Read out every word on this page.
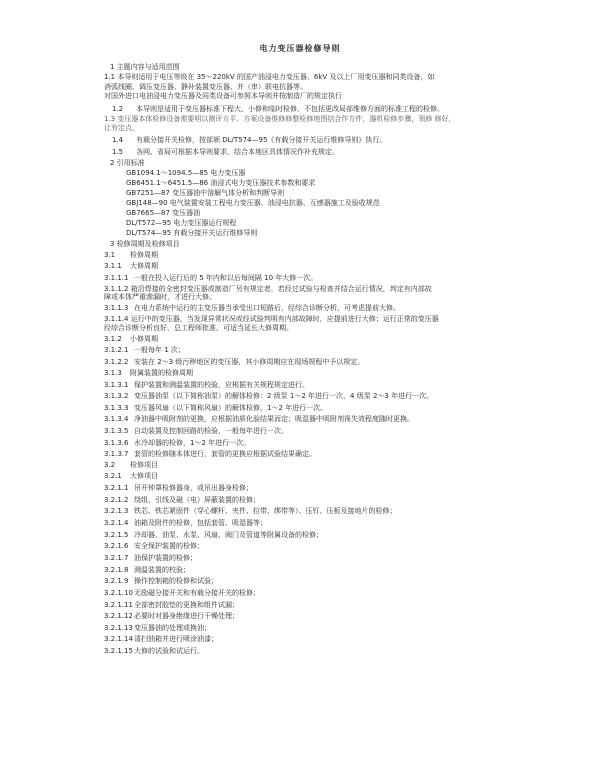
电力变压器检修导则

1 主题内容与适用范围

1.1 本导则适用于电压等级在 35～220kV 的国产油浸电力变压器、6kV 及以上厂用变压器和同类设备，如

消弧线圈、调压变压器、静补装置变压器、并（串）联电抗器等。

对国外进口电油浸电力变压器及同类设备可参照本导则并按制造厂的规定执行

1.2 本导则是适用于变压器标准下程大、小修和临时检修，不包括更改局部维修方面的标准工程的检修。

1.3 变压器本体检修设备需要明以测评方平、方案设备维修修整检修地图结合作方件，器机检修步骤，领修 修好，

让有定点。

1.4 有载分接开关检修，按部颁 DL/T574—95《有载分接开关运行维修导则》执行。

1.5 各网、省局可根据本导则要求，结合本地区具体情况作补充规定。

2 引用标准

GB1094.1～1094.5—85 电力变压器

GB6451.1～6451.5—86 油浸式电力变压器技术参数和要求

GB7251—87 变压器油中溶解气体分析和判断导则

GBJ148—90 电气装置安装工程电力变压器、油浸电抗器、互感器施工及验收规范

GB7665—87 变压器油

DL/T572—95 电力变压器运行规程

DL/T574—95 有载分接开关运行维修导则

3 检修周期及检修项目

3.1 检修周期

3.1.1 大修周期

3.1.1.1 一般在投入运行后的 5 年内和以后每间隔 10 年大修一次。

3.1.1.2 箱沿焊接的全密封变压器或制造厂另有规定者，若经过试验与检查并结合运行情况，判定有内部故

障或本体严重渗漏时，才进行大修。

3.1.1.3 在电力系统中运行的主变压器当承受出口短路后，经综合诊断分析，可考虑提前大修。

3.1.1.4 运行中的变压器，当发现异常状况或经试验判明有内部故障时，应提前进行大修；运行正常的变压器

经综合诊断分析良好，总工程师批准，可适当延长大修周期。

3.1.2 小修周期

3.1.2.1 一般每年 1 次；

3.1.2.2 安装在 2～3 级污秽地区的变压器，其小修周期应在现场规程中予以规定。

3.1.3 附属装置的检修周期

3.1.3.1 保护装置和测温装置的校验，应根据有关规程规定进行。

3.1.3.2 变压器油泵（以下简称油泵）的解体检修：2 级泵 1～2 年进行一次，4 级泵 2～3 年进行一次。

3.1.3.3 变压器风扇（以下简称风扇）的解体检修，1～2 年进行一次。

3.1.3.4 净油器中吸附剂的更换，应根据油质化验结果而定；吸湿器中吸附剂视失效程度随时更换。

3.1.3.5 自动装置及控制回路的检验，一般每年进行一次。

3.1.3.6 水冷却器的检修，1～2 年进行一次。

3.1.3.7 套管的检修随本体进行，套管的更换应根据试验结果确定。

3.2 检修项目

3.2.1 大修项目

3.2.1.1 吊开钟罩检修器身，或吊出器身检修；

3.2.1.2 绕组、引线及磁（电）屏蔽装置的检修；

3.2.1.3 铁芯、铁芯紧固件（穿心螺杆、夹件、拉带、绑带等）、压钉、压板及接地片的检修；

3.2.1.4 油箱及附件的检修，包括套管、吸湿器等；

3.2.1.5 冷却器、油泵、水泵、风扇、阀门及管道等附属设备的检修；

3.2.1.6 安全保护装置的检修；

3.2.1.7 油保护装置的检修；

3.2.1.8 测温装置的校验；

3.2.1.9 操作控制箱的检修和试验；

3.2.1.10无励磁分接开关和有载分接开关的检修；

3.2.1.11全部密封胶垫的更换和组件试漏；

3.2.1.12必要时对器身绝缘进行干燥处理；

3.2.1.13变压器油的处理或换油；

3.2.1.14清扫油箱并进行喷涂油漆；

3.2.1.15大修的试验和试运行。
